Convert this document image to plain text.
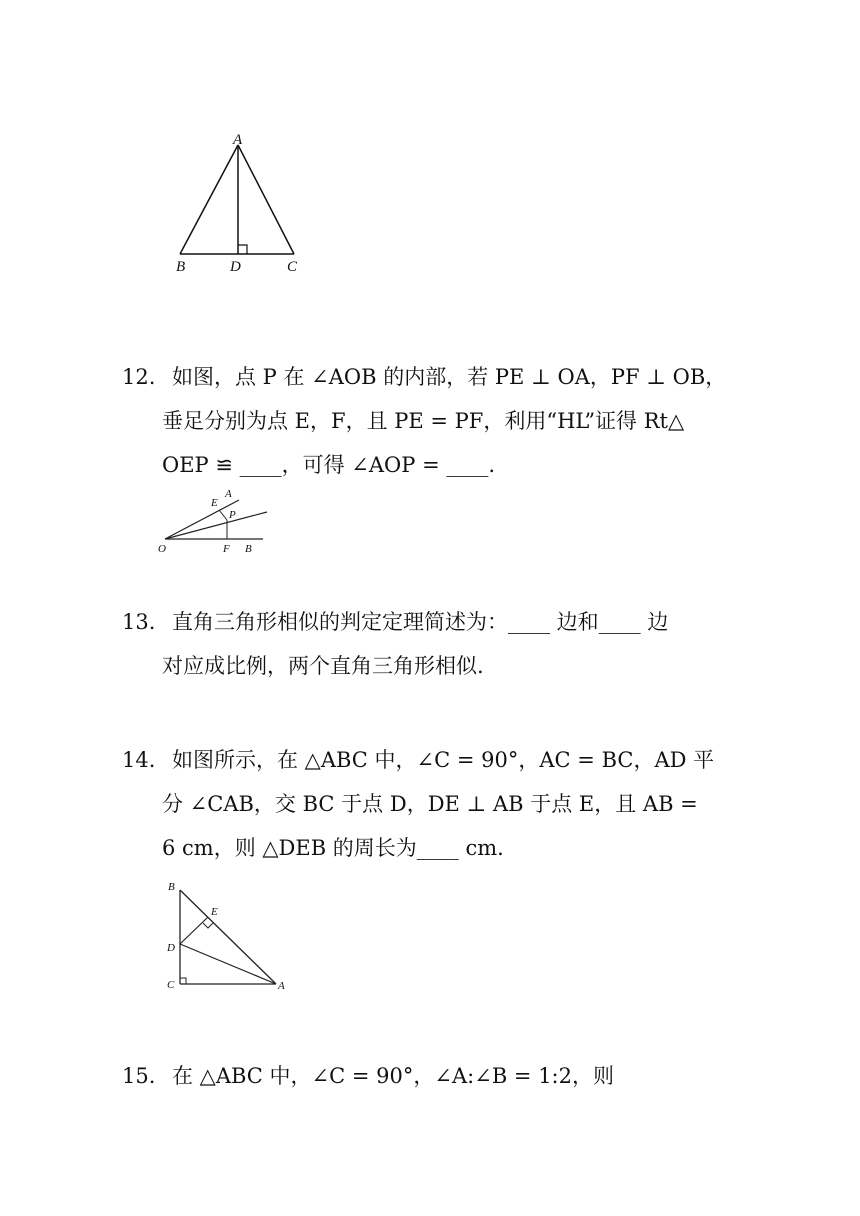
A
B	D	C
12. 如图，点 P 在 ∠AOB 的内部，若 PE ⊥ OA，PF ⊥ OB，
垂足分别为点 E，F，且 PE = PF，利用“HL”证得 Rt△
OEP ≌ ____，可得 ∠AOP = ____.
O
E
A
P
F B
13. 直角三角形相似的判定定理简述为：____ 边和____ 边
对应成比例，两个直角三角形相似.
14. 如图所示，在 △ABC 中，∠C = 90°，AC = BC，AD 平
分 ∠CAB，交 BC 于点 D，DE ⊥ AB 于点 E，且 AB =
6 cm，则 △DEB 的周长为____ cm.
B
E
D
C	A
15. 在 △ABC 中，∠C = 90°，∠A:∠B = 1:2，则
